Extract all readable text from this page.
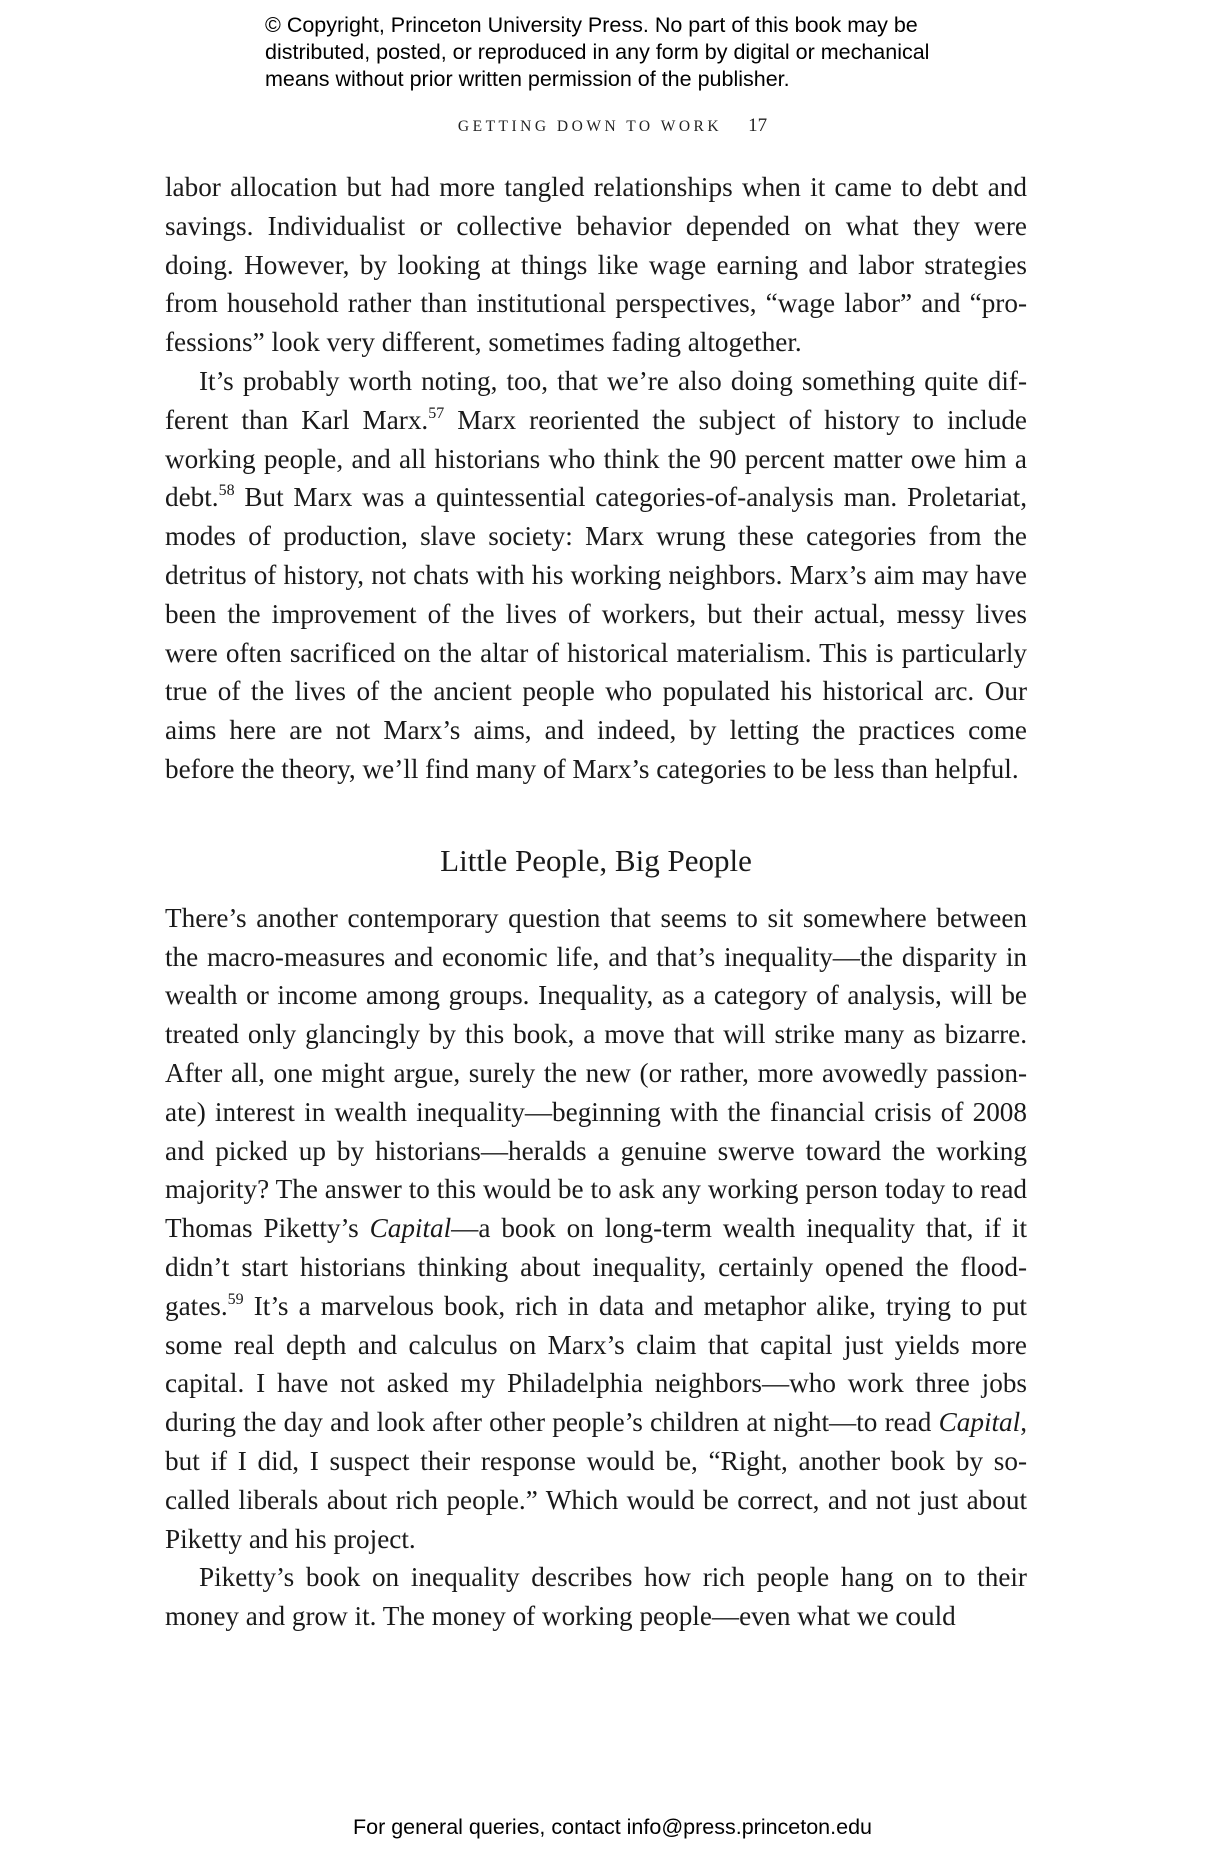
© Copyright, Princeton University Press. No part of this book may be
distributed, posted, or reproduced in any form by digital or mechanical
means without prior written permission of the publisher.
GETTING DOWN TO WORK 17

labor allocation but had more tangled relationships when it came to debt and savings. Individualist or collective behavior depended on what they were doing. However, by looking at things like wage earning and labor strategies from household rather than institutional perspectives, “wage labor” and “professions” look very different, sometimes fading altogether.

It’s probably worth noting, too, that we’re also doing something quite different than Karl Marx.$^{57}$ Marx reoriented the subject of history to include working people, and all historians who think the 90 percent matter owe him a debt.$^{58}$ But Marx was a quintessential categories-of-analysis man. Proletariat, modes of production, slave society: Marx wrung these categories from the detritus of history, not chats with his working neighbors. Marx’s aim may have been the improvement of the lives of workers, but their actual, messy lives were often sacrificed on the altar of historical materialism. This is particularly true of the lives of the ancient people who populated his historical arc. Our aims here are not Marx’s aims, and indeed, by letting the practices come before the theory, we’ll find many of Marx’s categories to be less than helpful.

Little People, Big People

There’s another contemporary question that seems to sit somewhere between the macro-measures and economic life, and that’s inequality—the disparity in wealth or income among groups. Inequality, as a category of analysis, will be treated only glancingly by this book, a move that will strike many as bizarre. After all, one might argue, surely the new (or rather, more avowedly passionate) interest in wealth inequality—beginning with the financial crisis of 2008 and picked up by historians—heralds a genuine swerve toward the working majority? The answer to this would be to ask any working person today to read Thomas Piketty’s Capital—a book on long-term wealth inequality that, if it didn’t start historians thinking about inequality, certainly opened the floodgates.$^{59}$ It’s a marvelous book, rich in data and metaphor alike, trying to put some real depth and calculus on Marx’s claim that capital just yields more capital. I have not asked my Philadelphia neighbors—who work three jobs during the day and look after other people’s children at night—to read Capital, but if I did, I suspect their response would be, “Right, another book by so-called liberals about rich people.” Which would be correct, and not just about Piketty and his project.

Piketty’s book on inequality describes how rich people hang on to their money and grow it. The money of working people—even what we could

For general queries, contact info@press.princeton.edu
